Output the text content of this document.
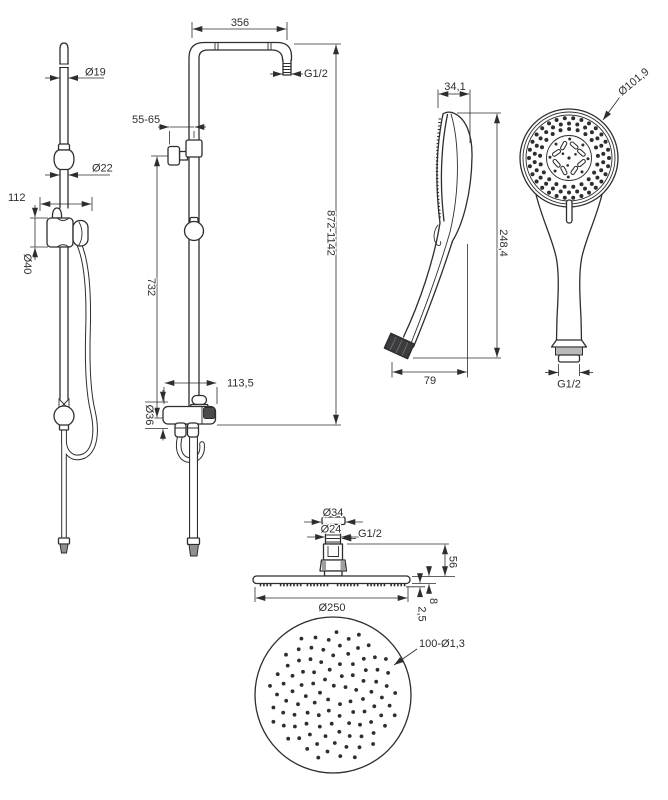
Ø19
Ø22
112
Ø40
356
G1/2
55-65
732
113,5
Ø36
872-1142
34,1
248,4
79	G1/2
Ø101,9
Ø34
Ø24 G1/2
56
8
2,5
Ø250
100-Ø1,3
